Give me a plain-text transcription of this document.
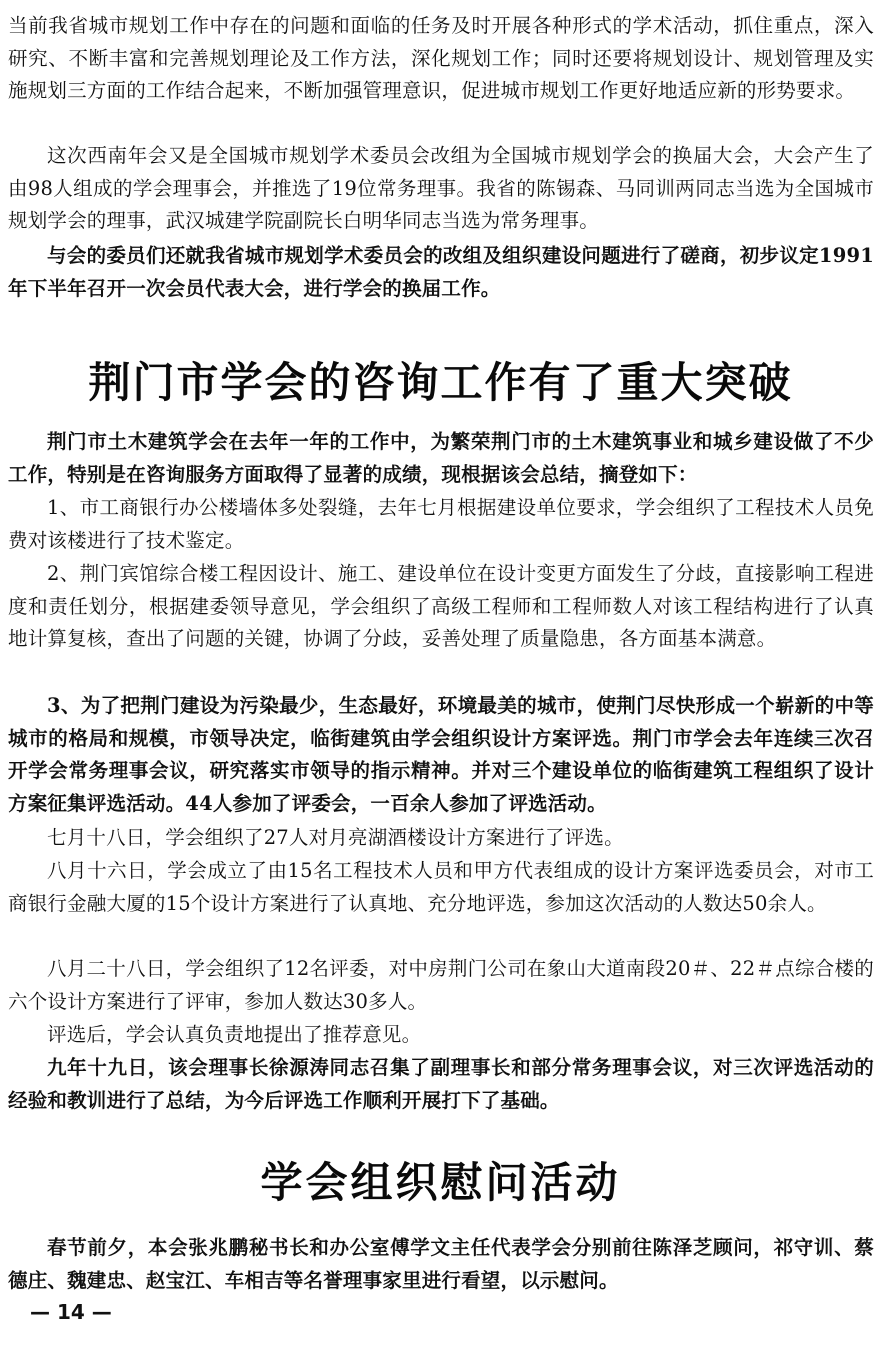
当前我省城市规划工作中存在的问题和面临的任务及时开展各种形式的学术活动，抓住重点，深入研究、不断丰富和完善规划理论及工作方法，深化规划工作；同时还要将规划设计、规划管理及实施规划三方面的工作结合起来，不断加强管理意识，促进城市规划工作更好地适应新的形势要求。

这次西南年会又是全国城市规划学术委员会改组为全国城市规划学会的换届大会，大会产生了由98人组成的学会理事会，并推选了19位常务理事。我省的陈锡森、马同训两同志当选为全国城市规划学会的理事，武汉城建学院副院长白明华同志当选为常务理事。

与会的委员们还就我省城市规划学术委员会的改组及组织建设问题进行了磋商，初步议定1991年下半年召开一次会员代表大会，进行学会的换届工作。

荆门市学会的咨询工作有了重大突破

荆门市土木建筑学会在去年一年的工作中，为繁荣荆门市的土木建筑事业和城乡建设做了不少工作，特别是在咨询服务方面取得了显著的成绩，现根据该会总结，摘登如下：

1、市工商银行办公楼墙体多处裂缝，去年七月根据建设单位要求，学会组织了工程技术人员免费对该楼进行了技术鉴定。

2、荆门宾馆综合楼工程因设计、施工、建设单位在设计变更方面发生了分歧，直接影响工程进度和责任划分，根据建委领导意见，学会组织了高级工程师和工程师数人对该工程结构进行了认真地计算复核，查出了问题的关键，协调了分歧，妥善处理了质量隐患，各方面基本满意。

3、为了把荆门建设为污染最少，生态最好，环境最美的城市，使荆门尽快形成一个崭新的中等城市的格局和规模，市领导决定，临街建筑由学会组织设计方案评选。荆门市学会去年连续三次召开学会常务理事会议，研究落实市领导的指示精神。并对三个建设单位的临街建筑工程组织了设计方案征集评选活动。44人参加了评委会，一百余人参加了评选活动。

七月十八日，学会组织了27人对月亮湖酒楼设计方案进行了评选。

八月十六日，学会成立了由15名工程技术人员和甲方代表组成的设计方案评选委员会，对市工商银行金融大厦的15个设计方案进行了认真地、充分地评选，参加这次活动的人数达50余人。

八月二十八日，学会组织了12名评委，对中房荆门公司在象山大道南段20＃、22＃点综合楼的六个设计方案进行了评审，参加人数达30多人。

评选后，学会认真负责地提出了推荐意见。

九年十九日，该会理事长徐源涛同志召集了副理事长和部分常务理事会议，对三次评选活动的经验和教训进行了总结，为今后评选工作顺利开展打下了基础。

学会组织慰问活动

春节前夕，本会张兆鹏秘书长和办公室傅学文主任代表学会分别前往陈泽芝顾问，祁守训、蔡德庄、魏建忠、赵宝江、车相吉等名誉理事家里进行看望，以示慰问。

— 14 —
